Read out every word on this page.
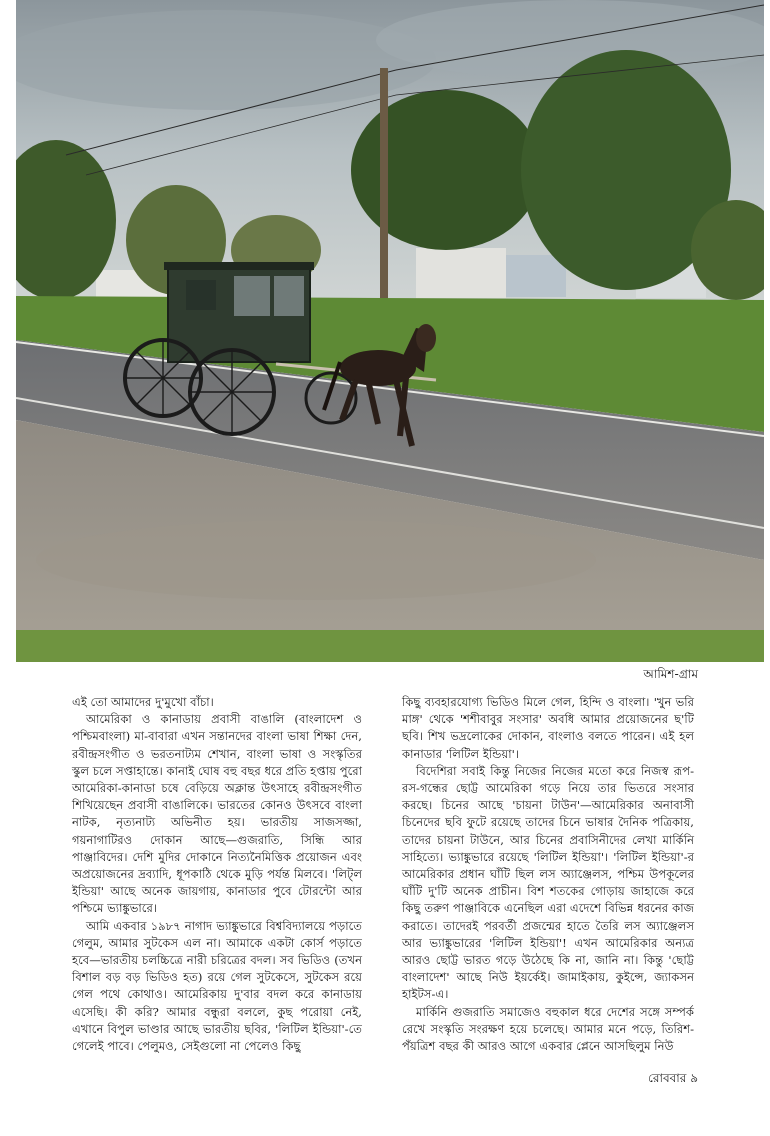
আমিশ-গ্রাম

এই তো আমাদের দু'মুখো বাঁচা।

আমেরিকা ও কানাডায় প্রবাসী বাঙালি (বাংলাদেশ ও পশ্চিমবাংলা) মা-বাবারা এখন সন্তানদের বাংলা ভাষা শিক্ষা দেন, রবীন্দ্রসংগীত ও ভরতনাট্যম শেখান, বাংলা ভাষা ও সংস্কৃতির স্কুল চলে সপ্তাহান্তে। কানাই ঘোষ বহু বছর ধরে প্রতি হপ্তায় পুরো আমেরিকা-কানাডা চষে বেড়িয়ে অক্লান্ত উৎসাহে রবীন্দ্রসংগীত শিখিয়েছেন প্রবাসী বাঙালিকে। ভারতের কোনও উৎসবে বাংলা নাটক, নৃত্যনাট্য অভিনীত হয়। ভারতীয় সাজসজ্জা, গয়নাগাটিরও দোকান আছে—গুজরাতি, সিন্ধি আর পাঞ্জাবিদের। দেশি মুদির দোকানে নিত্যনৈমিত্তিক প্রয়োজন এবং অপ্রয়োজনের দ্রব্যাদি, ধূপকাঠি থেকে মুড়ি পর্যন্ত মিলবে। 'লিট্‌ল ইন্ডিয়া' আছে অনেক জায়গায়, কানাডার পুবে টোরন্টো আর পশ্চিমে ভ্যাঙ্কুভারে।

আমি একবার ১৯৮৭ নাগাদ ভ্যাঙ্কুভারে বিশ্ববিদ্যালয়ে পড়াতে গেলুম, আমার সুটকেস এল না। আমাকে একটা কোর্স পড়াতে হবে—ভারতীয় চলচ্চিত্রে নারী চরিত্রের বদল। সব ভিডিও (তখন বিশাল বড় বড় ভিডিও হত) রয়ে গেল সুটকেসে, সুটকেস রয়ে গেল পথে কোথাও। আমেরিকায় দু'বার বদল করে কানাডায় এসেছি। কী করি? আমার বন্ধুরা বললে, কুছ পরোয়া নেই, এখানে বিপুল ভাণ্ডার আছে ভারতীয় ছবির, 'লিটিল ইন্ডিয়া'-তে গেলেই পাবে। পেলুমও, সেইগুলো না পেলেও কিছু

কিছু ব্যবহারযোগ্য ভিডিও মিলে গেল, হিন্দি ও বাংলা। 'খুন ভরি মাঙ্গ' থেকে 'শশীবাবুর সংসার' অবধি আমার প্রয়োজনের ছ'টি ছবি। শিখ ভদ্রলোকের দোকান, বাংলাও বলতে পারেন। এই হল কানাডার 'লিটিল ইন্ডিয়া'।

বিদেশিরা সবাই কিন্তু নিজের নিজের মতো করে নিজস্ব রূপ-রস-গন্ধের ছোট্ট আমেরিকা গড়ে নিয়ে তার ভিতরে সংসার করছে। চিনের আছে 'চায়না টাউন'—আমেরিকার অনাবাসী চিনেদের ছবি ফুটে রয়েছে তাদের চিনে ভাষার দৈনিক পত্রিকায়, তাদের চায়না টাউনে, আর চিনের প্রবাসিনীদের লেখা মার্কিনি সাহিত্যে। ভ্যাঙ্কুভারে রয়েছে 'লিটিল ইন্ডিয়া'। 'লিটিল ইন্ডিয়া'-র আমেরিকার প্রধান ঘাঁটি ছিল লস অ্যাঞ্জেলস, পশ্চিম উপকূলের ঘাঁটি দু'টি অনেক প্রাচীন। বিশ শতকের গোড়ায় জাহাজে করে কিছু তরুণ পাঞ্জাবিকে এনেছিল এরা এদেশে বিভিন্ন ধরনের কাজ করাতে। তাদেরই পরবর্তী প্রজন্মের হাতে তৈরি লস অ্যাঞ্জেলস আর ভ্যাঙ্কুভারের 'লিটিল ইন্ডিয়া'! এখন আমেরিকার অন্যত্র আরও ছোট্ট ভারত গড়ে উঠেছে কি না, জানি না। কিন্তু 'ছোট্ট বাংলাদেশ' আছে নিউ ইয়র্কেই। জামাইকায়, কুইন্সে, জ্যাকসন হাইটস-এ।

মার্কিনি গুজরাতি সমাজেও বহুকাল ধরে দেশের সঙ্গে সম্পর্ক রেখে সংস্কৃতি সংরক্ষণ হয়ে চলেছে। আমার মনে পড়ে, তিরিশ-পঁয়ত্রিশ বছর কী আরও আগে একবার প্লেনে আসছিলুম নিউ

রোববার ৯
